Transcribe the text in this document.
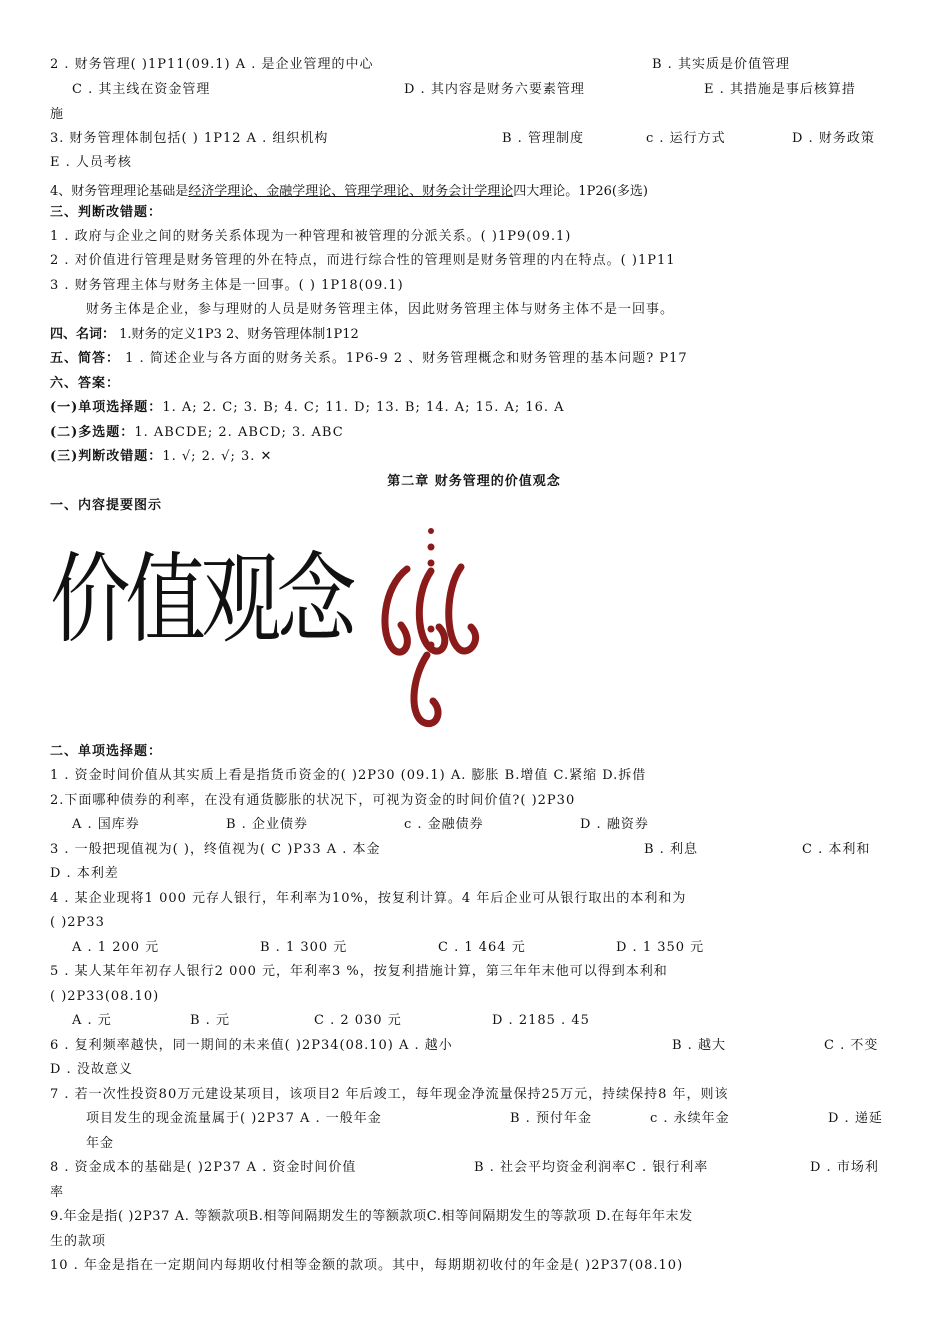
2 . 财务管理( )1P11(09.1) A . 是企业管理的中心	B . 其实质是价值管理
C . 其主线在资金管理	D . 其内容是财务六要素管理	E . 其措施是事后核算措
施
3. 财务管理体制包括( ) 1P12 A . 组织机构	B . 管理制度	c . 运行方式	D . 财务政策
E . 人员考核
4、财务管理理论基础是经济学理论、金融学理论、管理学理论、财务会计学理论四大理论。1P26(多选)
三、判断改错题：
1 . 政府与企业之间的财务关系体现为一种管理和被管理的分派关系。( )1P9(09.1)
2 . 对价值进行管理是财务管理的外在特点，而进行综合性的管理则是财务管理的内在特点。( )1P11
3 . 财务管理主体与财务主体是一回事。( ) 1P18(09.1)
财务主体是企业，参与理财的人员是财务管理主体，因此财务管理主体与财务主体不是一回事。
四、名词： 1.财务的定义1P3 2、财务管理体制1P12
五、简答： 1 . 简述企业与各方面的财务关系。1P6-9 2 、财务管理概念和财务管理的基本问题? P17
六、答案：
(一)单项选择题：1. A; 2. C; 3. B; 4. C; 11. D; 13. B; 14. A; 15. A; 16. A
(二)多选题：1. ABCDE; 2. ABCD; 3. ABC
(三)判断改错题：1. √; 2. √; 3. ✕
第二章 财务管理的价值观念
一、内容提要图示
价值观念
二、单项选择题：
1 . 资金时间价值从其实质上看是指货币资金的( )2P30 (09.1) A. 膨胀 B.增值 C.紧缩 D.拆借
2.下面哪种债券的利率，在没有通货膨胀的状况下，可视为资金的时间价值?( )2P30
A . 国库券	B . 企业债券	c . 金融债券	D . 融资券
3 . 一般把现值视为( )，终值视为( C )P33 A . 本金	B . 利息	C . 本利和
D . 本利差
4 . 某企业现将1 000 元存人银行，年利率为10%，按复利计算。4 年后企业可从银行取出的本利和为
( )2P33
A . 1 200 元	B . 1 300 元	C . 1 464 元	D . 1 350 元
5 . 某人某年年初存人银行2 000 元，年利率3 %，按复利措施计算，第三年年末他可以得到本利和
( )2P33(08.10)
A . 元	B . 元	C . 2 030 元	D . 2185 . 45
6 . 复利频率越快，同一期间的未来值( )2P34(08.10) A . 越小	B . 越大	C . 不变
D . 没故意义
7 . 若一次性投资80万元建设某项目，该项目2 年后竣工，每年现金净流量保持25万元，持续保持8 年，则该
项目发生的现金流量属于( )2P37 A . 一般年金	B . 预付年金	c . 永续年金	D . 递延
年金
8 . 资金成本的基础是( )2P37 A . 资金时间价值	B . 社会平均资金利润率C . 银行利率	D . 市场利
率
9.年金是指( )2P37 A. 等额款项B.相等间隔期发生的等额款项C.相等间隔期发生的等款项 D.在每年年末发
生的款项
10 . 年金是指在一定期间内每期收付相等金额的款项。其中，每期期初收付的年金是( )2P37(08.10)
